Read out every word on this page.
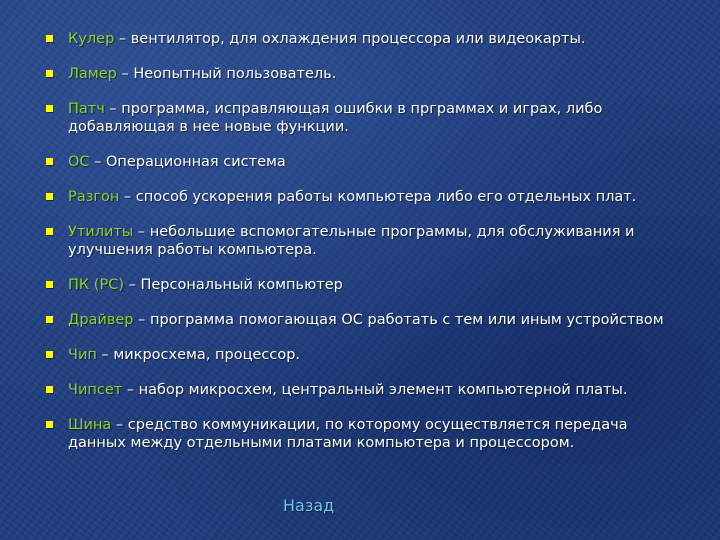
Кулер – вентилятор, для охлаждения процессора или видеокарты.
Ламер – Неопытный пользователь.
Патч – программа, исправляющая ошибки в прграммах и играх, либо добавляющая в нее новые функции.
ОС – Операционная система
Разгон – способ ускорения работы компьютера либо его отдельных плат.
Утилиты – небольшие вспомогательные программы, для обслуживания и улучшения работы компьютера.
ПК (PC) – Персональный компьютер
Драйвер – программа помогающая ОС работать с тем или иным устройством
Чип – микросхема, процессор.
Чипсет – набор микросхем, центральный элемент компьютерной платы.
Шина – средство коммуникации, по которому осуществляется передача данных между отдельными платами компьютера и процессором.
Назад
